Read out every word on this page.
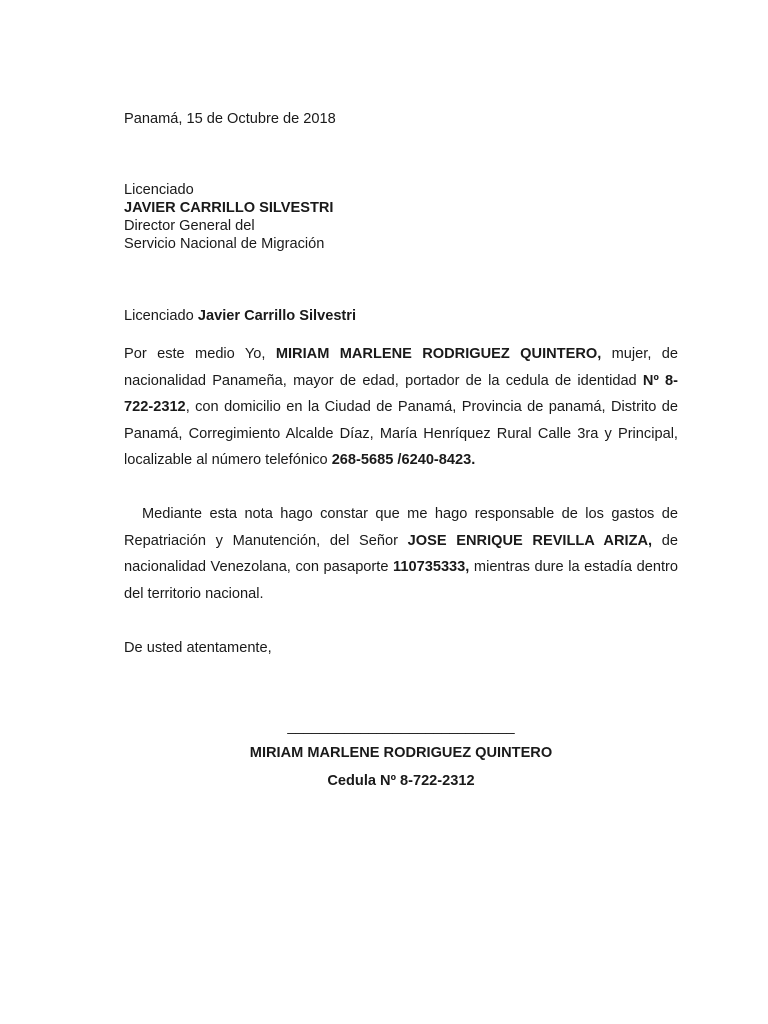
Panamá, 15 de Octubre de 2018
Licenciado
JAVIER CARRILLO SILVESTRI
Director General del
Servicio Nacional de Migración
Licenciado Javier Carrillo Silvestri

Por este medio Yo, MIRIAM MARLENE RODRIGUEZ QUINTERO, mujer, de nacionalidad Panameña, mayor de edad, portador de la cedula de identidad Nº 8-722-2312, con domicilio en la Ciudad de Panamá, Provincia de panamá, Distrito de Panamá, Corregimiento Alcalde Díaz, María Henríquez Rural Calle 3ra y Principal, localizable al número telefónico 268-5685 /6240-8423.

Mediante esta nota hago constar que me hago responsable de los gastos de Repatriación y Manutención, del Señor JOSE ENRIQUE REVILLA ARIZA, de nacionalidad Venezolana, con pasaporte 110735333, mientras dure la estadía dentro del territorio nacional.

De usted atentamente,
____________________________
MIRIAM MARLENE RODRIGUEZ QUINTERO
Cedula Nº 8-722-2312
